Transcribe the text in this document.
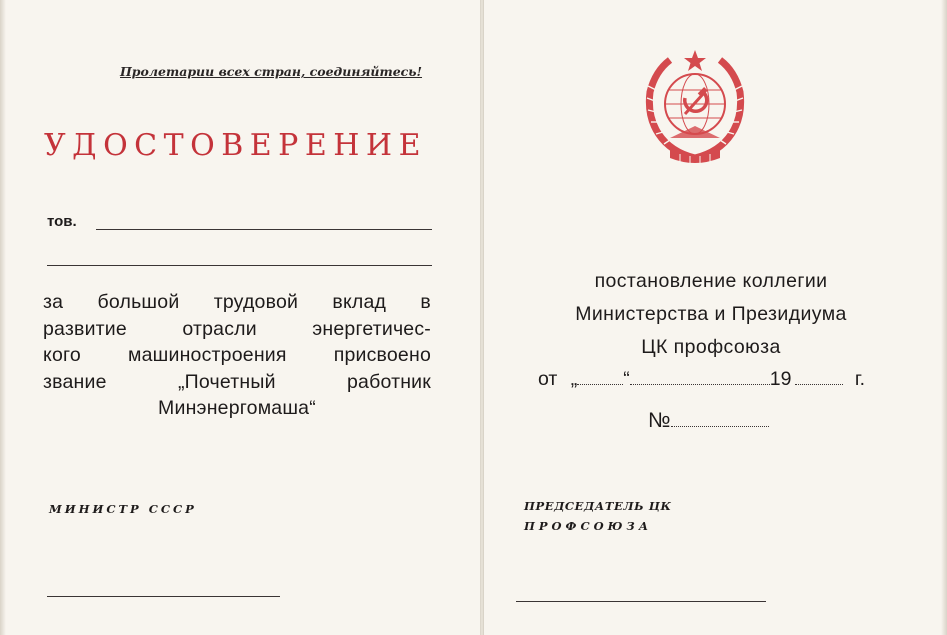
Пролетарии всех стран, соединяйтесь!
УДОСТОВЕРЕНИЕ
тов.
за большой трудовой вклад в
развитие отрасли энергетичес-
кого машиностроения присвоено
звание „Почетный работник
Минэнергомаша“
МИНИСТР СССР
постановление коллегии
Министерства и Президиума
ЦК профсоюза
от „ “	19	г.
№
ПРЕДСЕДАТЕЛЬ ЦК
ПРОФСОЮЗА
